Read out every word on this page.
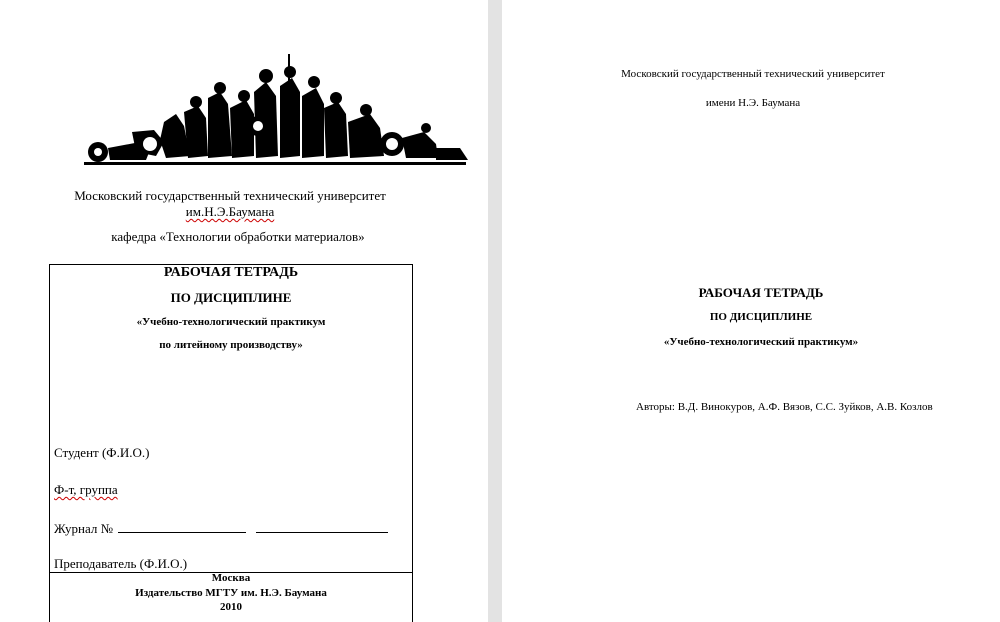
Московский государственный технический университет
им.Н.Э.Баумана
кафедра «Технологии обработки материалов»
РАБОЧАЯ ТЕТРАДЬ
ПО ДИСЦИПЛИНЕ
«Учебно-технологический практикум
по литейному производству»
Студент (Ф.И.О.)
Ф-т, группа
Журнал №
Преподаватель (Ф.И.О.)
Москва
Издательство МГТУ им. Н.Э. Баумана
2010
Московский государственный технический университет
имени Н.Э. Баумана
РАБОЧАЯ ТЕТРАДЬ
ПО ДИСЦИПЛИНЕ
«Учебно-технологический практикум»
Авторы: В.Д. Винокуров, А.Ф. Вязов, С.С. Зуйков, А.В. Козлов
